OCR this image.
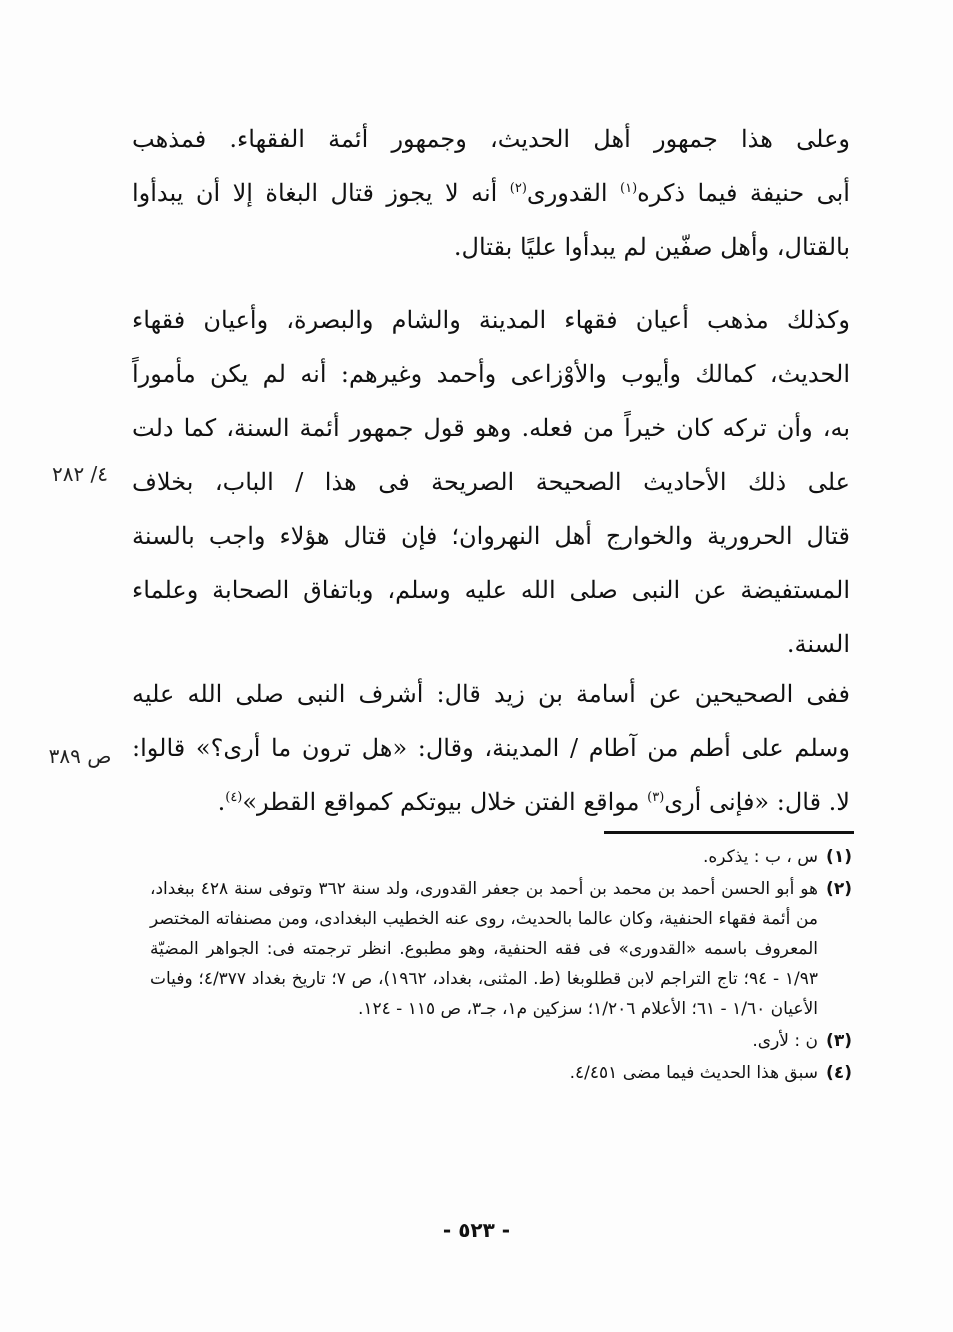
وعلى هذا جمهور أهل الحديث، وجمهور أئمة الفقهاء. فمذهب
أبى حنيفة فيما ذكره$^{(١)}$ القدورى$^{(٢)}$ أنه لا يجوز قتال البغاة إلا أن يبدأوا
بالقتال، وأهل صفّين لم يبدأوا عليًا بقتال.
وكذلك مذهب أعيان فقهاء المدينة والشام والبصرة، وأعيان فقهاء
الحديث، كمالك وأيوب والأوْزاعى وأحمد وغيرهم: أنه لم يكن مأموراً
به، وأن تركه كان خيراً من فعله. وهو قول جمهور أئمة السنة، كما دلت
على ذلك الأحاديث الصحيحة الصريحة فى هذا / الباب، بخلاف
قتال الحرورية والخوارج أهل النهروان؛ فإن قتال هؤلاء واجب بالسنة
المستفيضة عن النبى صلى الله عليه وسلم، وباتفاق الصحابة وعلماء
السنة.
ففى الصحيحين عن أسامة بن زيد قال: أشرف النبى صلى الله عليه
وسلم على أطم من آطام / المدينة، وقال: «هل ترون ما أرى؟» قالوا:
لا. قال: «فإنى أرى$^{(٣)}$ مواقع الفتن خلال بيوتكم كمواقع القطر»$^{(٤)}$.
٤/ ٢٨٢
ص ٣٨٩
(١)
س ، ب : يذكره.
(٢)
هو أبو الحسن أحمد بن محمد بن أحمد بن جعفر القدورى، ولد سنة ٣٦٢ وتوفى سنة ٤٢٨ ببغداد، من أئمة فقهاء الحنفية، وكان عالما بالحديث، روى عنه الخطيب البغدادى، ومن مصنفاته المختصر المعروف باسمه «القدورى» فى فقه الحنفية، وهو مطبوع. انظر ترجمته فى: الجواهر المضيّة ١/٩٣ - ٩٤؛ تاج التراجم لابن قطلوبغا (ط. المثنى، بغداد، ١٩٦٢)، ص ٧؛ تاريخ بغداد ٤/٣٧٧؛ وفيات الأعيان ١/٦٠ - ٦١؛ الأعلام ١/٢٠٦؛ سزكين م١، جـ٣، ص ١١٥ - ١٢٤.
(٣)
ن : لأرى.
(٤)
سبق هذا الحديث فيما مضى ٤/٤٥١.
- ٥٢٣ -
